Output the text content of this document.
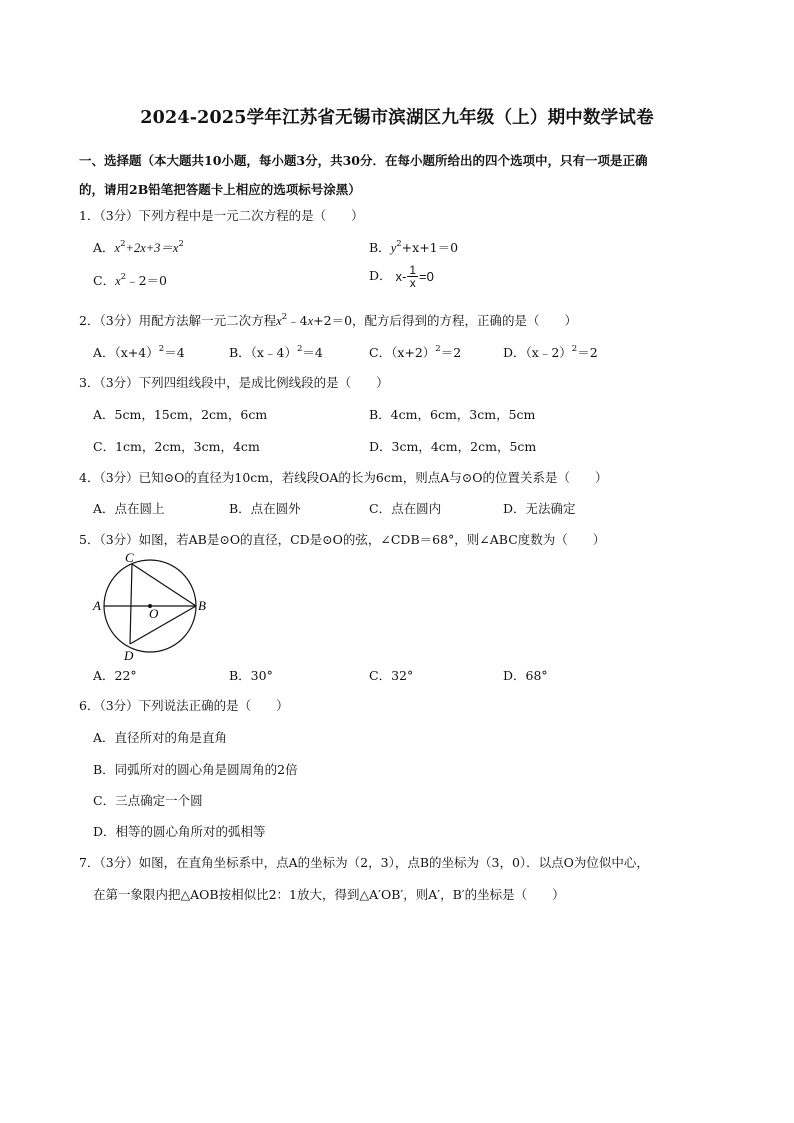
2024-2025学年江苏省无锡市滨湖区九年级（上）期中数学试卷
一、选择题（本大题共10小题，每小题3分，共30分．在每小题所给出的四个选项中，只有一项是正确
的，请用2B铅笔把答题卡上相应的选项标号涂黑）
1．（3分）下列方程中是一元二次方程的是（　　）
A．$x^2+2x+3=x^2$	B．$y^2+x+1=0$
C．$x^2﹣2=0$	D． $x- \frac{1}{x} =0$
2．（3分）用配方法解一元二次方程$x^2﹣4x+2=0$，配方后得到的方程，正确的是（　　）
A．$(x+4)^2=4$	B．（x﹣4）$^2$＝4	C．$(x+2)^2=2$	D．（x﹣2）$^2$＝2
3．（3分）下列四组线段中，是成比例线段的是（　　）
A．5cm，15cm，2cm，6cm	B．4cm，6cm，3cm，5cm
C．1cm，2cm，3cm，4cm	D．3cm，4cm，2cm，5cm
4．（3分）已知⊙O的直径为10cm，若线段OA的长为6cm，则点A与⊙O的位置关系是（　　）
A．点在圆上	B．点在圆外	C．点在圆内	D．无法确定
5．（3分）如图，若AB是⊙O的直径，CD是⊙O的弦，∠CDB＝68°，则∠ABC度数为（　　）
C
A	B
O
D
A．22°	B．30°	C．32°	D．68°
6．（3分）下列说法正确的是（　　）
A．直径所对的角是直角
B．同弧所对的圆心角是圆周角的2倍
C．三点确定一个圆
D．相等的圆心角所对的弧相等
7．（3分）如图，在直角坐标系中，点A的坐标为（2，3），点B的坐标为（3，0）．以点O为位似中心，
在第一象限内把△AOB按相似比2：1放大，得到△A′OB′，则A′，B′的坐标是（　　）
